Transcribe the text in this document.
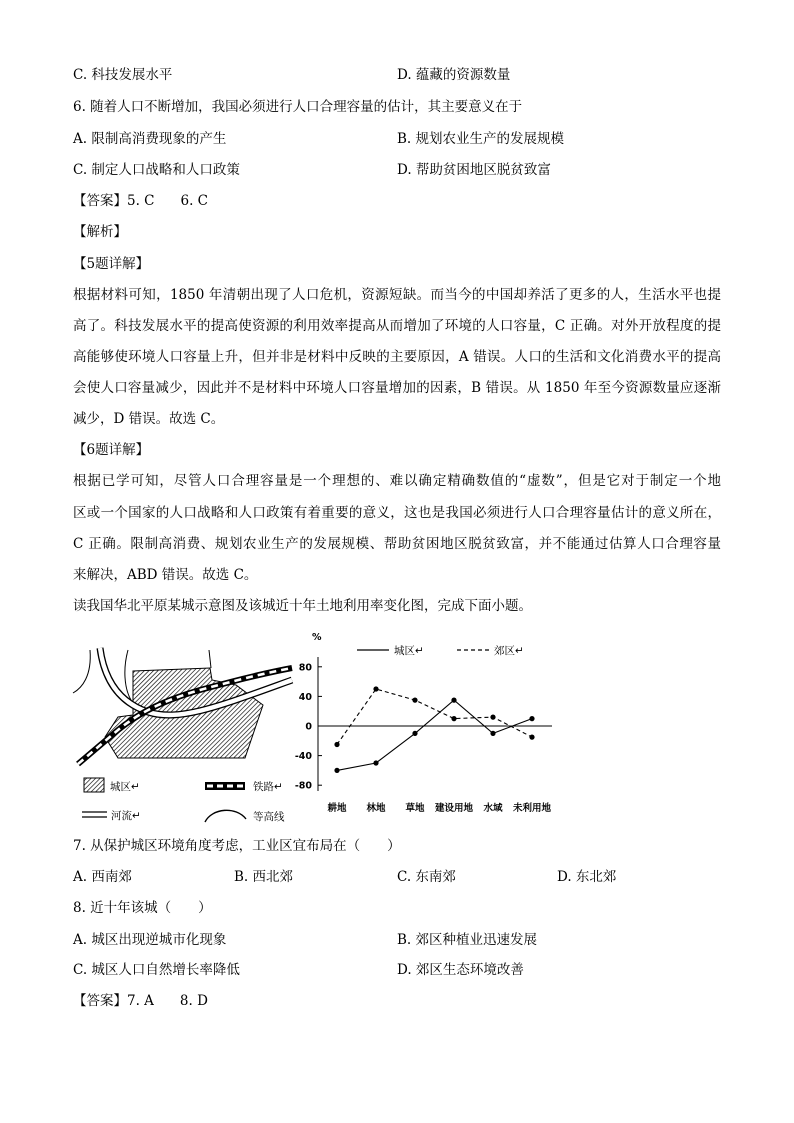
C. 科技发展水平	D. 蕴藏的资源数量
6. 随着人口不断增加，我国必须进行人口合理容量的估计，其主要意义在于
A. 限制高消费现象的产生	B. 规划农业生产的发展规模
C. 制定人口战略和人口政策	D. 帮助贫困地区脱贫致富
【答案】5. C 6. C
【解析】
【5题详解】
根据材料可知，1850 年清朝出现了人口危机，资源短缺。而当今的中国却养活了更多的人，生活水平也提
高了。科技发展水平的提高使资源的利用效率提高从而增加了环境的人口容量，C 正确。对外开放程度的提
高能够使环境人口容量上升，但并非是材料中反映的主要原因，A 错误。人口的生活和文化消费水平的提高
会使人口容量减少，因此并不是材料中环境人口容量增加的因素，B 错误。从 1850 年至今资源数量应逐渐
减少，D 错误。故选 C。
【6题详解】
根据已学可知，尽管人口合理容量是一个理想的、难以确定精确数值的“虚数”，但是它对于制定一个地
区或一个国家的人口战略和人口政策有着重要的意义，这也是我国必须进行人口合理容量估计的意义所在，
C 正确。限制高消费、规划农业生产的发展规模、帮助贫困地区脱贫致富，并不能通过估算人口合理容量
来解决，ABD 错误。故选 C。
读我国华北平原某城示意图及该城近十年土地利用率变化图，完成下面小题。
城区↵	铁路↵
河流↵	等高线
%
城区↵	郊区↵
80
40
0
-40
-80
耕地 林地 草地 建设用地 水域 未利用地
7. 从保护城区环境角度考虑，工业区宜布局在（　　）
A. 西南郊	B. 西北郊	C. 东南郊	D. 东北郊
8. 近十年该城（　　）
A. 城区出现逆城市化现象	B. 郊区种植业迅速发展
C. 城区人口自然增长率降低	D. 郊区生态环境改善
【答案】7. A 8. D
